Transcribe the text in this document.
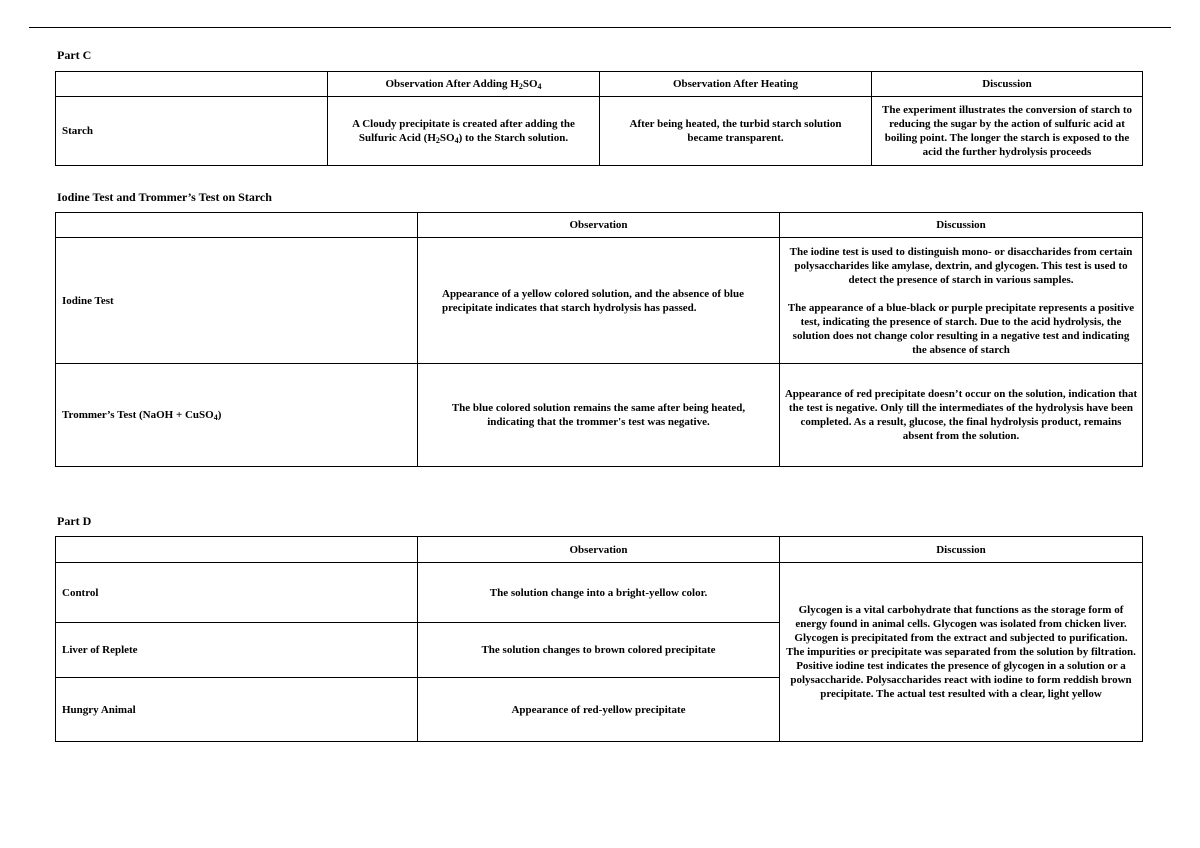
Part C
	Observation After Adding $H_2SO_4$	Observation After Heating	Discussion
Starch	A Cloudy precipitate is created after adding the Sulfuric Acid $(H_2SO_4)$ to the Starch solution.	After being heated, the turbid starch solution became transparent.	The experiment illustrates the conversion of starch to reducing the sugar by the action of sulfuric acid at boiling point. The longer the starch is exposed to the acid the further hydrolysis proceeds
Iodine Test and Trommer’s Test on Starch
	Observation	Discussion
Iodine Test	Appearance of a yellow colored solution, and the absence of blue precipitate indicates that starch hydrolysis has passed.	The iodine test is used to distinguish mono- or disaccharides from certain polysaccharides like amylase, dextrin, and glycogen. This test is used to detect the presence of starch in various samples.
The appearance of a blue-black or purple precipitate represents a positive test, indicating the presence of starch. Due to the acid hydrolysis, the solution does not change color resulting in a negative test and indicating the absence of starch

Trommer’s Test (NaOH + CuSO$_4$)	The blue colored solution remains the same after being heated, indicating that the trommer's test was negative.	Appearance of red precipitate doesn’t occur on the solution, indication that the test is negative. Only till the intermediates of the hydrolysis have been completed. As a result, glucose, the final hydrolysis product, remains absent from the solution.
Part D
	Observation	Discussion
Control	The solution change into a bright-yellow color.	Glycogen is a vital carbohydrate that functions as the storage form of energy found in animal cells. Glycogen was isolated from chicken liver. Glycogen is precipitated from the extract and subjected to purification. The impurities or precipitate was separated from the solution by filtration. Positive iodine test indicates the presence of glycogen in a solution or a polysaccharide. Polysaccharides react with iodine to form reddish brown precipitate. The actual test resulted with a clear, light yellow
Liver of Replete	The solution changes to brown colored precipitate	
Hungry Animal	Appearance of red-yellow precipitate	
